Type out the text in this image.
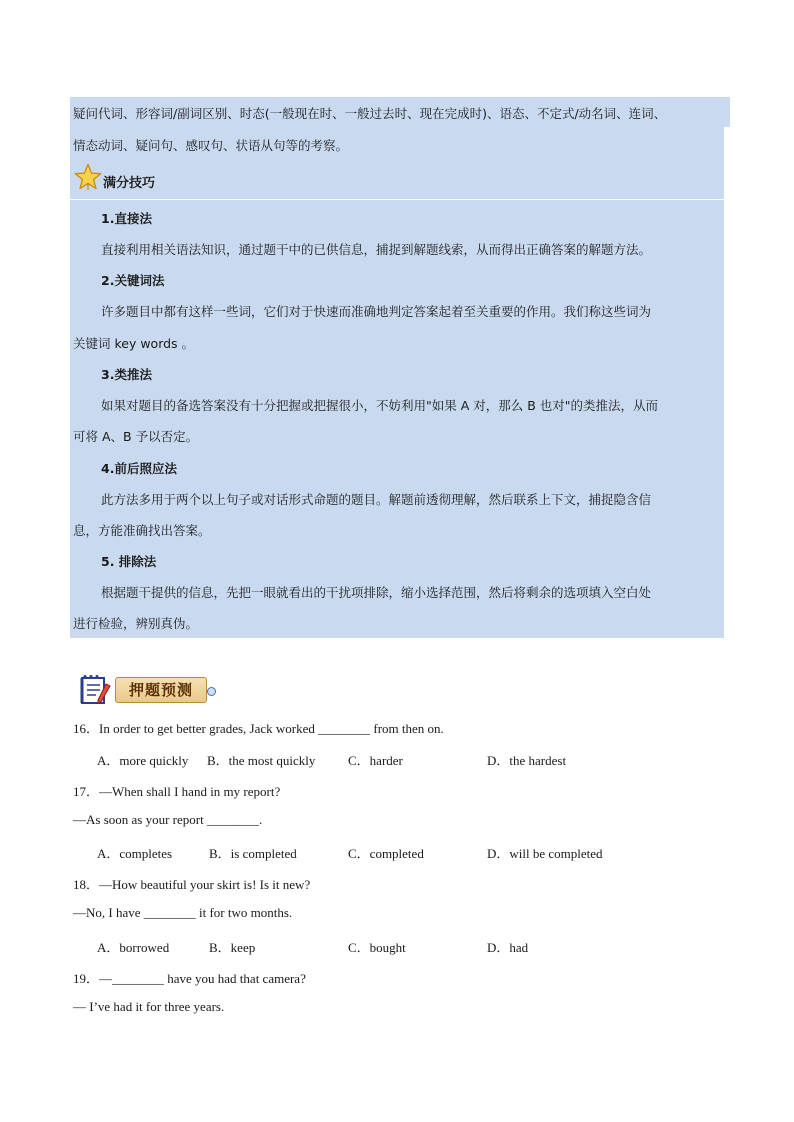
疑问代词、形容词/副词区别、时态(一般现在时、一般过去时、现在完成时)、语态、不定式/动名词、连词、
情态动词、疑问句、感叹句、状语从句等的考察。
满分技巧
1.直接法
直接利用相关语法知识，通过题干中的已供信息，捕捉到解题线索，从而得出正确答案的解题方法。
2.关键词法
许多题目中都有这样一些词，它们对于快速而准确地判定答案起着至关重要的作用。我们称这些词为
关键词 key words 。
3.类推法
如果对题目的备选答案没有十分把握或把握很小，不妨利用"如果 A 对，那么 B 也对"的类推法，从而
可将 A、B 予以否定。
4.前后照应法
此方法多用于两个以上句子或对话形式命题的题目。解题前透彻理解，然后联系上下文，捕捉隐含信
息，方能准确找出答案。
5. 排除法
根据题干提供的信息，先把一眼就看出的干扰项排除，缩小选择范围，然后将剩余的选项填入空白处
进行检验，辨别真伪。
押题预测
16．In order to get better grades, Jack worked ________ from then on.
A．more quickly B．the most quickly	C．harder	D．the hardest
17．—When shall I hand in my report?
—As soon as your report ________.
A．completes	B．is completed	C．completed	D．will be completed
18．—How beautiful your skirt is! Is it new?
—No, I have ________ it for two months.
A．borrowed	B．keep	C．bought	D．had
19．—________ have you had that camera?
— I’ve had it for three years.
